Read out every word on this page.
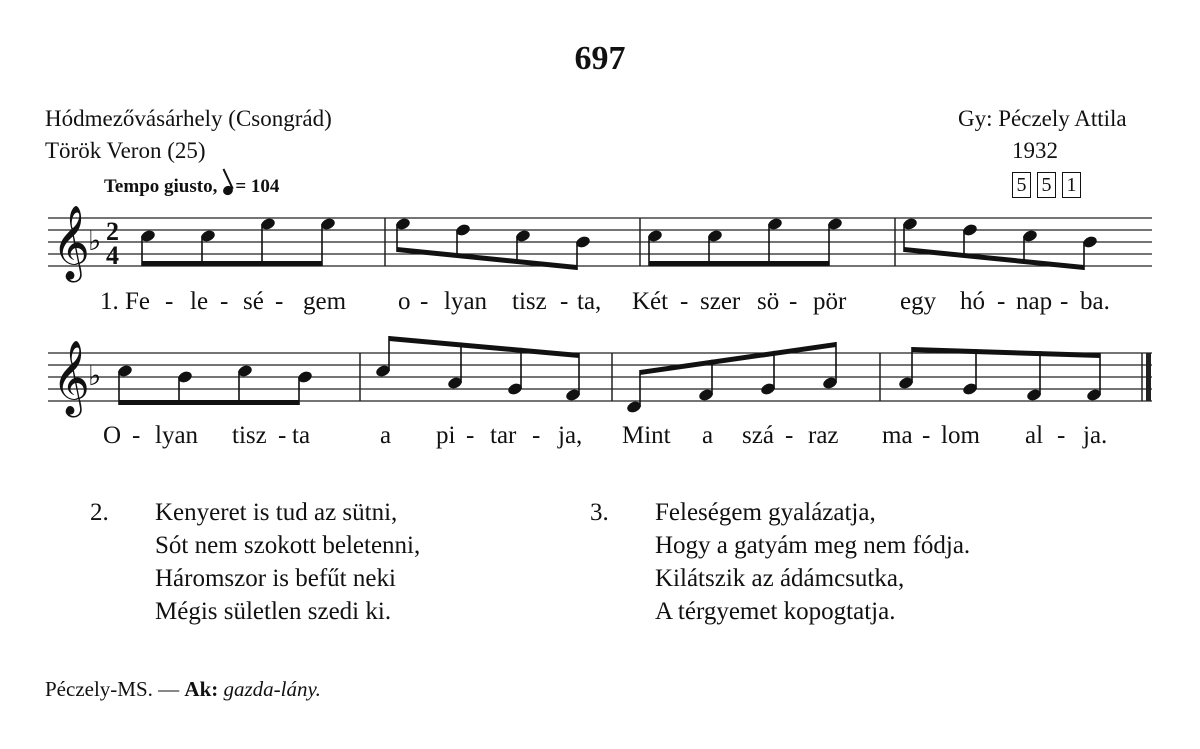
697
Hódmezővásárhely (Csongrád)
Török Veron (25)
Gy: Péczely Attila
1932
Tempo giusto, = 104	5 5 1
𝄞
♭ 2
4
𝄞
♭
1. Fe - le - sé - gem o - lyan tisz - ta, Két - szer sö - pör egy hó - nap - ba.
O - lyan tisz - ta	a pi - tar - ja, Mint a szá - raz ma - lom al - ja.
2. Kenyeret is tud az sütni,
Sót nem szokott beletenni,
Háromszor is befűt neki
Mégis sületlen szedi ki.
3. Feleségem gyalázatja,
Hogy a gatyám meg nem fódja.
Kilátszik az ádámcsutka,
A térgyemet kopogtatja.
Péczely-MS. — Ak: gazda-lány.
